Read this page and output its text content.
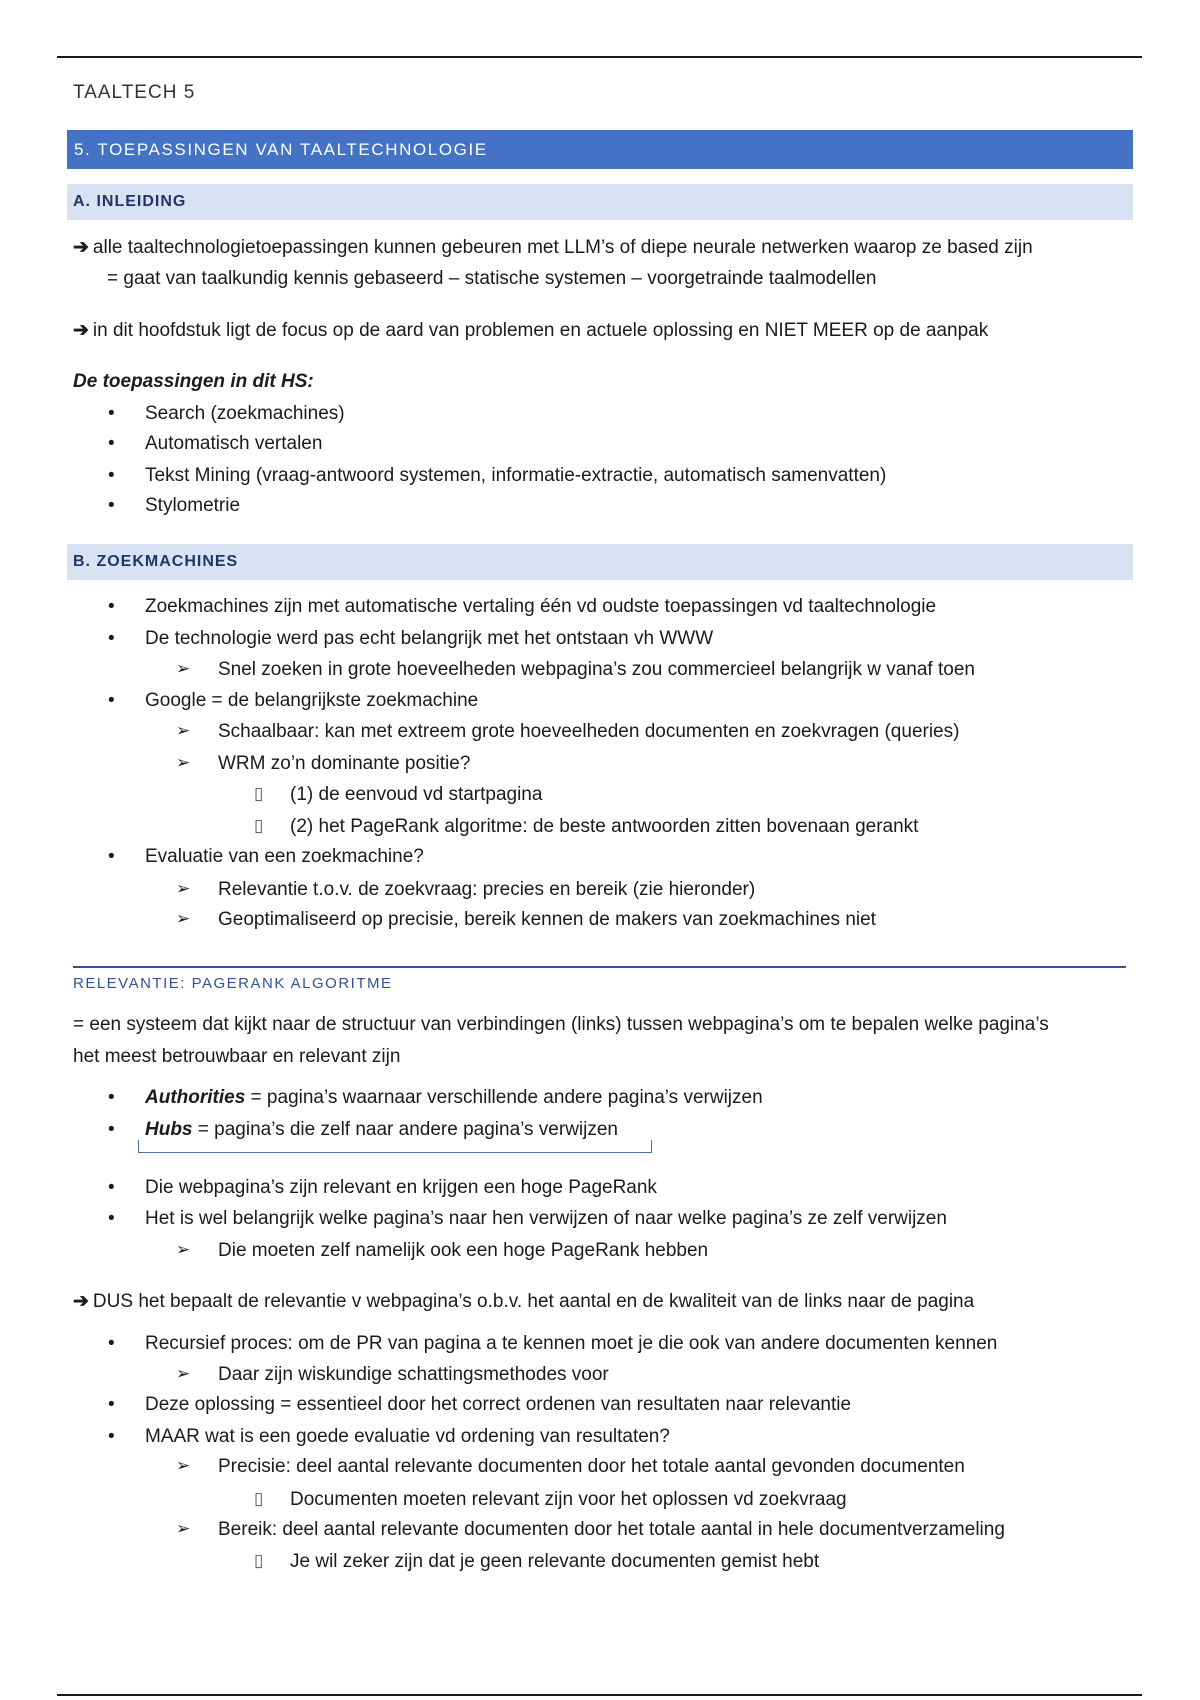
TAALTECH 5
5. TOEPASSINGEN VAN TAALTECHNOLOGIE
A. INLEIDING
➔ alle taaltechnologietoepassingen kunnen gebeuren met LLM’s of diepe neurale netwerken waarop ze based zijn
= gaat van taalkundig kennis gebaseerd – statische systemen – voorgetrainde taalmodellen
➔ in dit hoofdstuk ligt de focus op de aard van problemen en actuele oplossing en NIET MEER op de aanpak
De toepassingen in dit HS:
• Search (zoekmachines)
• Automatisch vertalen
• Tekst Mining (vraag-antwoord systemen, informatie-extractie, automatisch samenvatten)
• Stylometrie
B. ZOEKMACHINES
• Zoekmachines zijn met automatische vertaling één vd oudste toepassingen vd taaltechnologie
• De technologie werd pas echt belangrijk met het ontstaan vh WWW
➢ Snel zoeken in grote hoeveelheden webpagina’s zou commercieel belangrijk w vanaf toen
• Google = de belangrijkste zoekmachine
➢ Schaalbaar: kan met extreem grote hoeveelheden documenten en zoekvragen (queries)
➢ WRM zo’n dominante positie?
▯ (1) de eenvoud vd startpagina
▯ (2) het PageRank algoritme: de beste antwoorden zitten bovenaan gerankt
• Evaluatie van een zoekmachine?
➢ Relevantie t.o.v. de zoekvraag: precies en bereik (zie hieronder)
➢ Geoptimaliseerd op precisie, bereik kennen de makers van zoekmachines niet
RELEVANTIE: PAGERANK ALGORITME
= een systeem dat kijkt naar de structuur van verbindingen (links) tussen webpagina’s om te bepalen welke pagina’s
het meest betrouwbaar en relevant zijn
• Authorities = pagina’s waarnaar verschillende andere pagina’s verwijzen
• Hubs = pagina’s die zelf naar andere pagina’s verwijzen
• Die webpagina’s zijn relevant en krijgen een hoge PageRank
• Het is wel belangrijk welke pagina’s naar hen verwijzen of naar welke pagina’s ze zelf verwijzen
➢ Die moeten zelf namelijk ook een hoge PageRank hebben
➔ DUS het bepaalt de relevantie v webpagina’s o.b.v. het aantal en de kwaliteit van de links naar de pagina
• Recursief proces: om de PR van pagina a te kennen moet je die ook van andere documenten kennen
➢ Daar zijn wiskundige schattingsmethodes voor
• Deze oplossing = essentieel door het correct ordenen van resultaten naar relevantie
• MAAR wat is een goede evaluatie vd ordening van resultaten?
➢ Precisie: deel aantal relevante documenten door het totale aantal gevonden documenten
▯ Documenten moeten relevant zijn voor het oplossen vd zoekvraag
➢ Bereik: deel aantal relevante documenten door het totale aantal in hele documentverzameling
▯ Je wil zeker zijn dat je geen relevante documenten gemist hebt
